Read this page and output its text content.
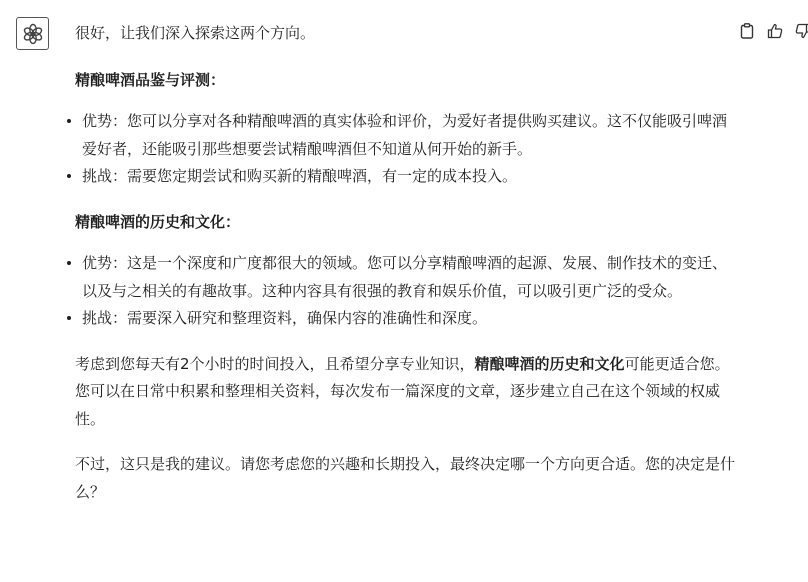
很好，让我们深入探索这两个方向。

精酿啤酒品鉴与评测：

优势：您可以分享对各种精酿啤酒的真实体验和评价，为爱好者提供购买建议。这不仅能吸引啤酒爱好者，还能吸引那些想要尝试精酿啤酒但不知道从何开始的新手。
挑战：需要您定期尝试和购买新的精酿啤酒，有一定的成本投入。

精酿啤酒的历史和文化：

优势：这是一个深度和广度都很大的领域。您可以分享精酿啤酒的起源、发展、制作技术的变迁、以及与之相关的有趣故事。这种内容具有很强的教育和娱乐价值，可以吸引更广泛的受众。
挑战：需要深入研究和整理资料，确保内容的准确性和深度。

考虑到您每天有2个小时的时间投入，且希望分享专业知识，精酿啤酒的历史和文化可能更适合您。您可以在日常中积累和整理相关资料，每次发布一篇深度的文章，逐步建立自己在这个领域的权威性。

不过，这只是我的建议。请您考虑您的兴趣和长期投入，最终决定哪一个方向更合适。您的决定是什么？
